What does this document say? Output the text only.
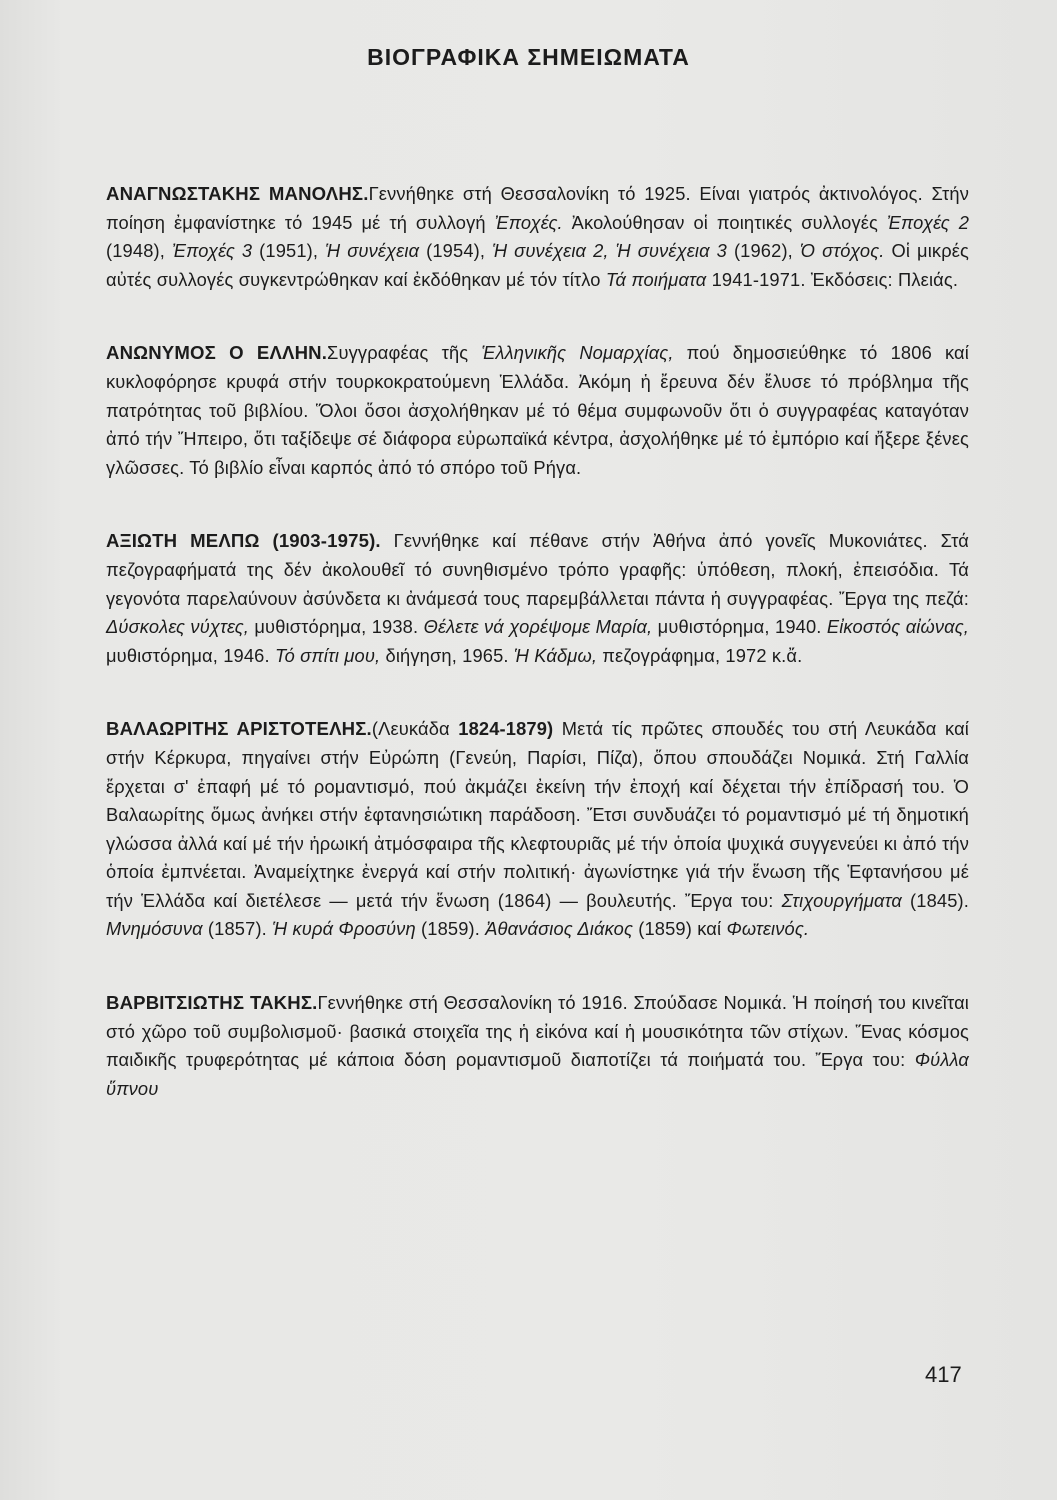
ΒΙΟΓΡΑΦΙΚΑ ΣΗΜΕΙΩΜΑΤΑ

ΑΝΑΓΝΩΣΤΑΚΗΣ ΜΑΝΟΛΗΣ.Γεννήθηκε στή Θεσσαλονίκη τό 1925. Είναι γιατρός ἀκτινολόγος. Στήν ποίηση ἐμφανίστηκε τό 1945 μέ τή συλλογή Ἐποχές. Ἀκολούθησαν οἱ ποιητικές συλλογές Ἐποχές 2 (1948), Ἐποχές 3 (1951), Ἡ συνέχεια (1954), Ἡ συνέχεια 2, Ἡ συνέχεια 3 (1962), Ὁ στόχος. Οἱ μικρές αὐτές συλλογές συγκεντρώθηκαν καί ἐκδόθηκαν μέ τόν τίτλο Τά ποιήματα 1941-1971. Ἐκδόσεις: Πλειάς.

ΑΝΩΝΥΜΟΣ Ο ΕΛΛΗΝ.Συγγραφέας τῆς Ἑλληνικῆς Νομαρχίας, πού δημοσιεύθηκε τό 1806 καί κυκλοφόρησε κρυφά στήν τουρκοκρατούμενη Ἑλλάδα. Ἀκόμη ἡ ἔρευνα δέν ἔλυσε τό πρόβλημα τῆς πατρότητας τοῦ βιβλίου. Ὅλοι ὅσοι ἀσχολήθηκαν μέ τό θέμα συμφωνοῦν ὅτι ὁ συγγραφέας καταγόταν ἀπό τήν Ἤπειρο, ὅτι ταξίδεψε σέ διάφορα εὐρωπαϊκά κέντρα, ἀσχολήθηκε μέ τό ἐμπόριο καί ἤξερε ξένες γλῶσσες. Τό βιβλίο εἶναι καρπός ἀπό τό σπόρο τοῦ Ρήγα.

ΑΞΙΩΤΗ ΜΕΛΠΩ (1903-1975). Γεννήθηκε καί πέθανε στήν Ἀθήνα ἀπό γονεῖς Μυκονιάτες. Στά πεζογραφήματά της δέν ἀκολουθεῖ τό συνηθισμένο τρόπο γραφῆς: ὑπόθεση, πλοκή, ἐπεισόδια. Τά γεγονότα παρελαύνουν ἀσύνδετα κι ἀνάμεσά τους παρεμβάλλεται πάντα ἡ συγγραφέας. Ἔργα της πεζά: Δύσκολες νύχτες, μυθιστόρημα, 1938. Θέλετε νά χορέψομε Μαρία, μυθιστόρημα, 1940. Εἰκοστός αἰώνας, μυθιστόρημα, 1946. Τό σπίτι μου, διήγηση, 1965. Ἡ Κάδμω, πεζογράφημα, 1972 κ.ἄ.

ΒΑΛΑΩΡΙΤΗΣ ΑΡΙΣΤΟΤΕΛΗΣ.(Λευκάδα 1824-1879) Μετά τίς πρῶτες σπουδές του στή Λευκάδα καί στήν Κέρκυρα, πηγαίνει στήν Εὐρώπη (Γενεύη, Παρίσι, Πίζα), ὅπου σπουδάζει Νομικά. Στή Γαλλία ἔρχεται σ' ἐπαφή μέ τό ρομαντισμό, πού ἀκμάζει ἐκείνη τήν ἐποχή καί δέχεται τήν ἐπίδρασή του. Ὁ Βαλαωρίτης ὅμως ἀνήκει στήν ἑφτανησιώτικη παράδοση. Ἔτσι συνδυάζει τό ρομαντισμό μέ τή δημοτική γλώσσα ἀλλά καί μέ τήν ἡρωική ἀτμόσφαιρα τῆς κλεφτουριᾶς μέ τήν ὁποία ψυχικά συγγενεύει κι ἀπό τήν ὁποία ἐμπνέεται. Ἀναμείχτηκε ἐνεργά καί στήν πολιτική· ἀγωνίστηκε γιά τήν ἕνωση τῆς Ἑφτανήσου μέ τήν Ἑλλάδα καί διετέλεσε — μετά τήν ἕνωση (1864) — βουλευτής. Ἔργα του: Στιχουργήματα (1845). Μνημόσυνα (1857). Ἡ κυρά Φροσύνη (1859). Ἀθανάσιος Διάκος (1859) καί Φωτεινός.

ΒΑΡΒΙΤΣΙΩΤΗΣ ΤΑΚΗΣ.Γεννήθηκε στή Θεσσαλονίκη τό 1916. Σπούδασε Νομικά. Ἡ ποίησή του κινεῖται στό χῶρο τοῦ συμβολισμοῦ· βασικά στοιχεῖα της ἡ εἰκόνα καί ἡ μουσικότητα τῶν στίχων. Ἕνας κόσμος παιδικῆς τρυφερότητας μέ κάποια δόση ρομαντισμοῦ διαποτίζει τά ποιήματά του. Ἔργα του: Φύλλα ὕπνου

417
